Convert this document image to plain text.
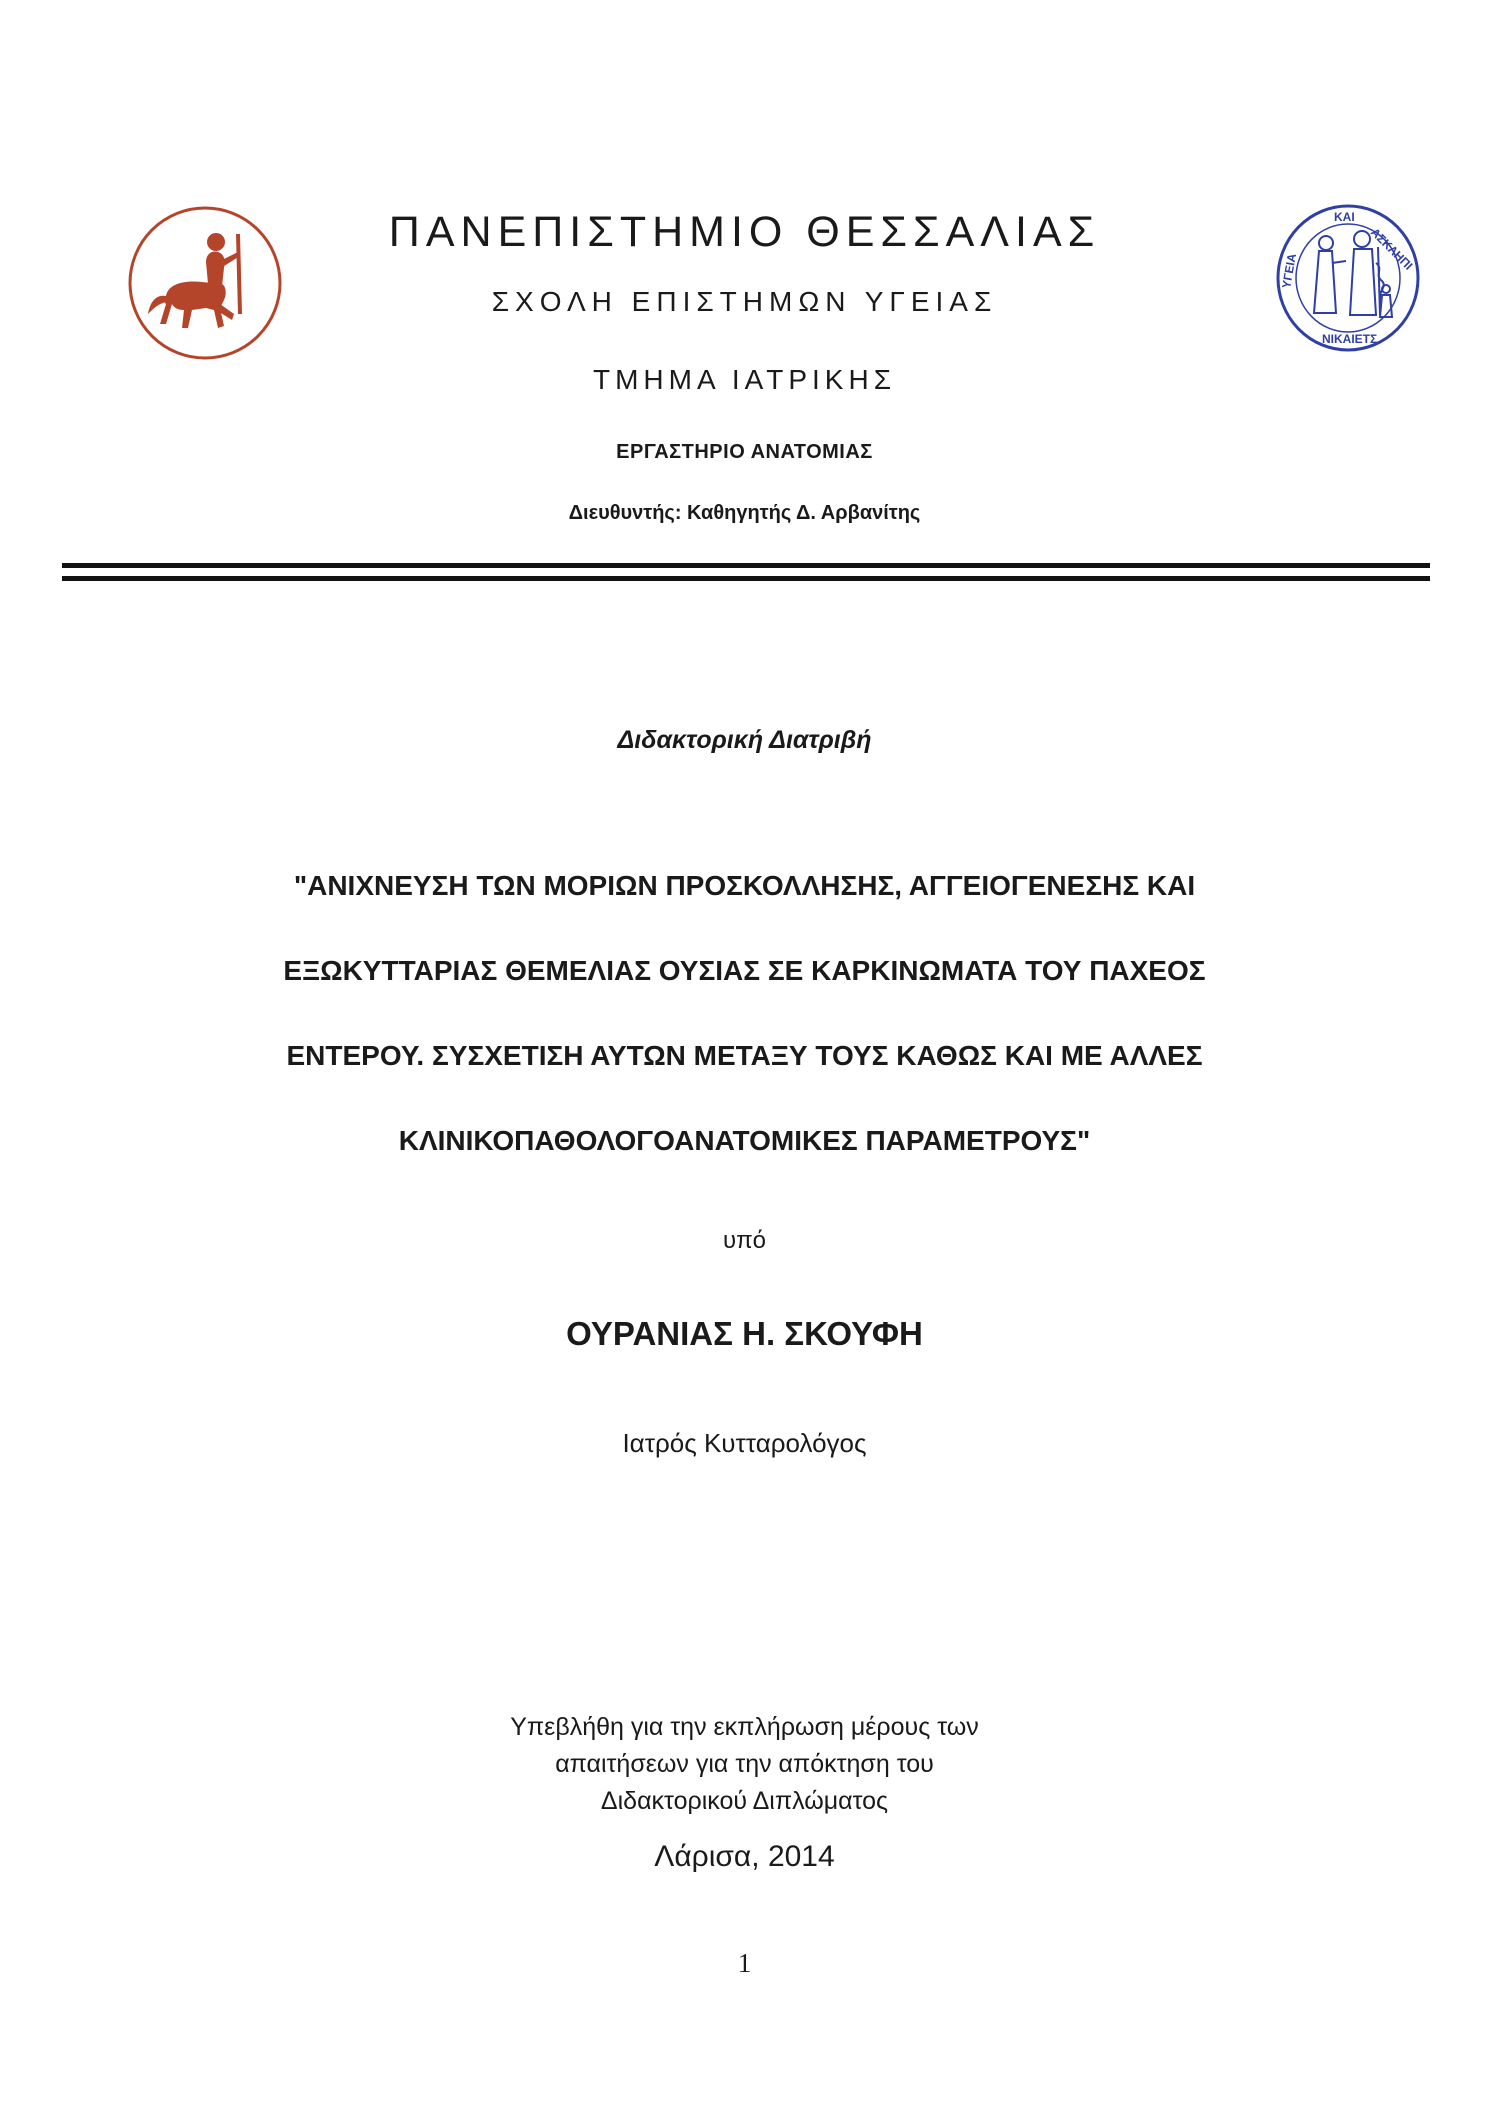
ΚΑΙ
ΥΓΕΙΑ	ΑΣΚΛΗΠΙ
ΝΙΚΑΙΕΤΣ
ΠΑΝΕΠΙΣΤΗΜΙΟ ΘΕΣΣΑΛΙΑΣ
ΣΧΟΛΗ ΕΠΙΣΤΗΜΩΝ ΥΓΕΙΑΣ
ΤΜΗΜΑ ΙΑΤΡΙΚΗΣ
ΕΡΓΑΣΤΗΡΙΟ ΑΝΑΤΟΜΙΑΣ
Διευθυντής: Καθηγητής Δ. Αρβανίτης
Διδακτορική Διατριβή
"ΑΝΙΧΝΕΥΣΗ ΤΩΝ ΜΟΡΙΩΝ ΠΡΟΣΚΟΛΛΗΣΗΣ, ΑΓΓΕΙΟΓΕΝΕΣΗΣ ΚΑΙ
ΕΞΩΚΥΤΤΑΡΙΑΣ ΘΕΜΕΛΙΑΣ ΟΥΣΙΑΣ ΣΕ ΚΑΡΚΙΝΩΜΑΤΑ ΤΟΥ ΠΑΧΕΟΣ
ΕΝΤΕΡΟΥ. ΣΥΣΧΕΤΙΣΗ ΑΥΤΩΝ ΜΕΤΑΞΥ ΤΟΥΣ ΚΑΘΩΣ ΚΑΙ ΜΕ ΑΛΛΕΣ
ΚΛΙΝΙΚΟΠΑΘΟΛΟΓΟΑΝΑΤΟΜΙΚΕΣ ΠΑΡΑΜΕΤΡΟΥΣ"
υπό
ΟΥΡΑΝΙΑΣ Η. ΣΚΟΥΦΗ
Ιατρός Κυτταρολόγος
Υπεβλήθη για την εκπλήρωση μέρους των
απαιτήσεων για την απόκτηση του
Διδακτορικού Διπλώματος
Λάρισα, 2014
1
